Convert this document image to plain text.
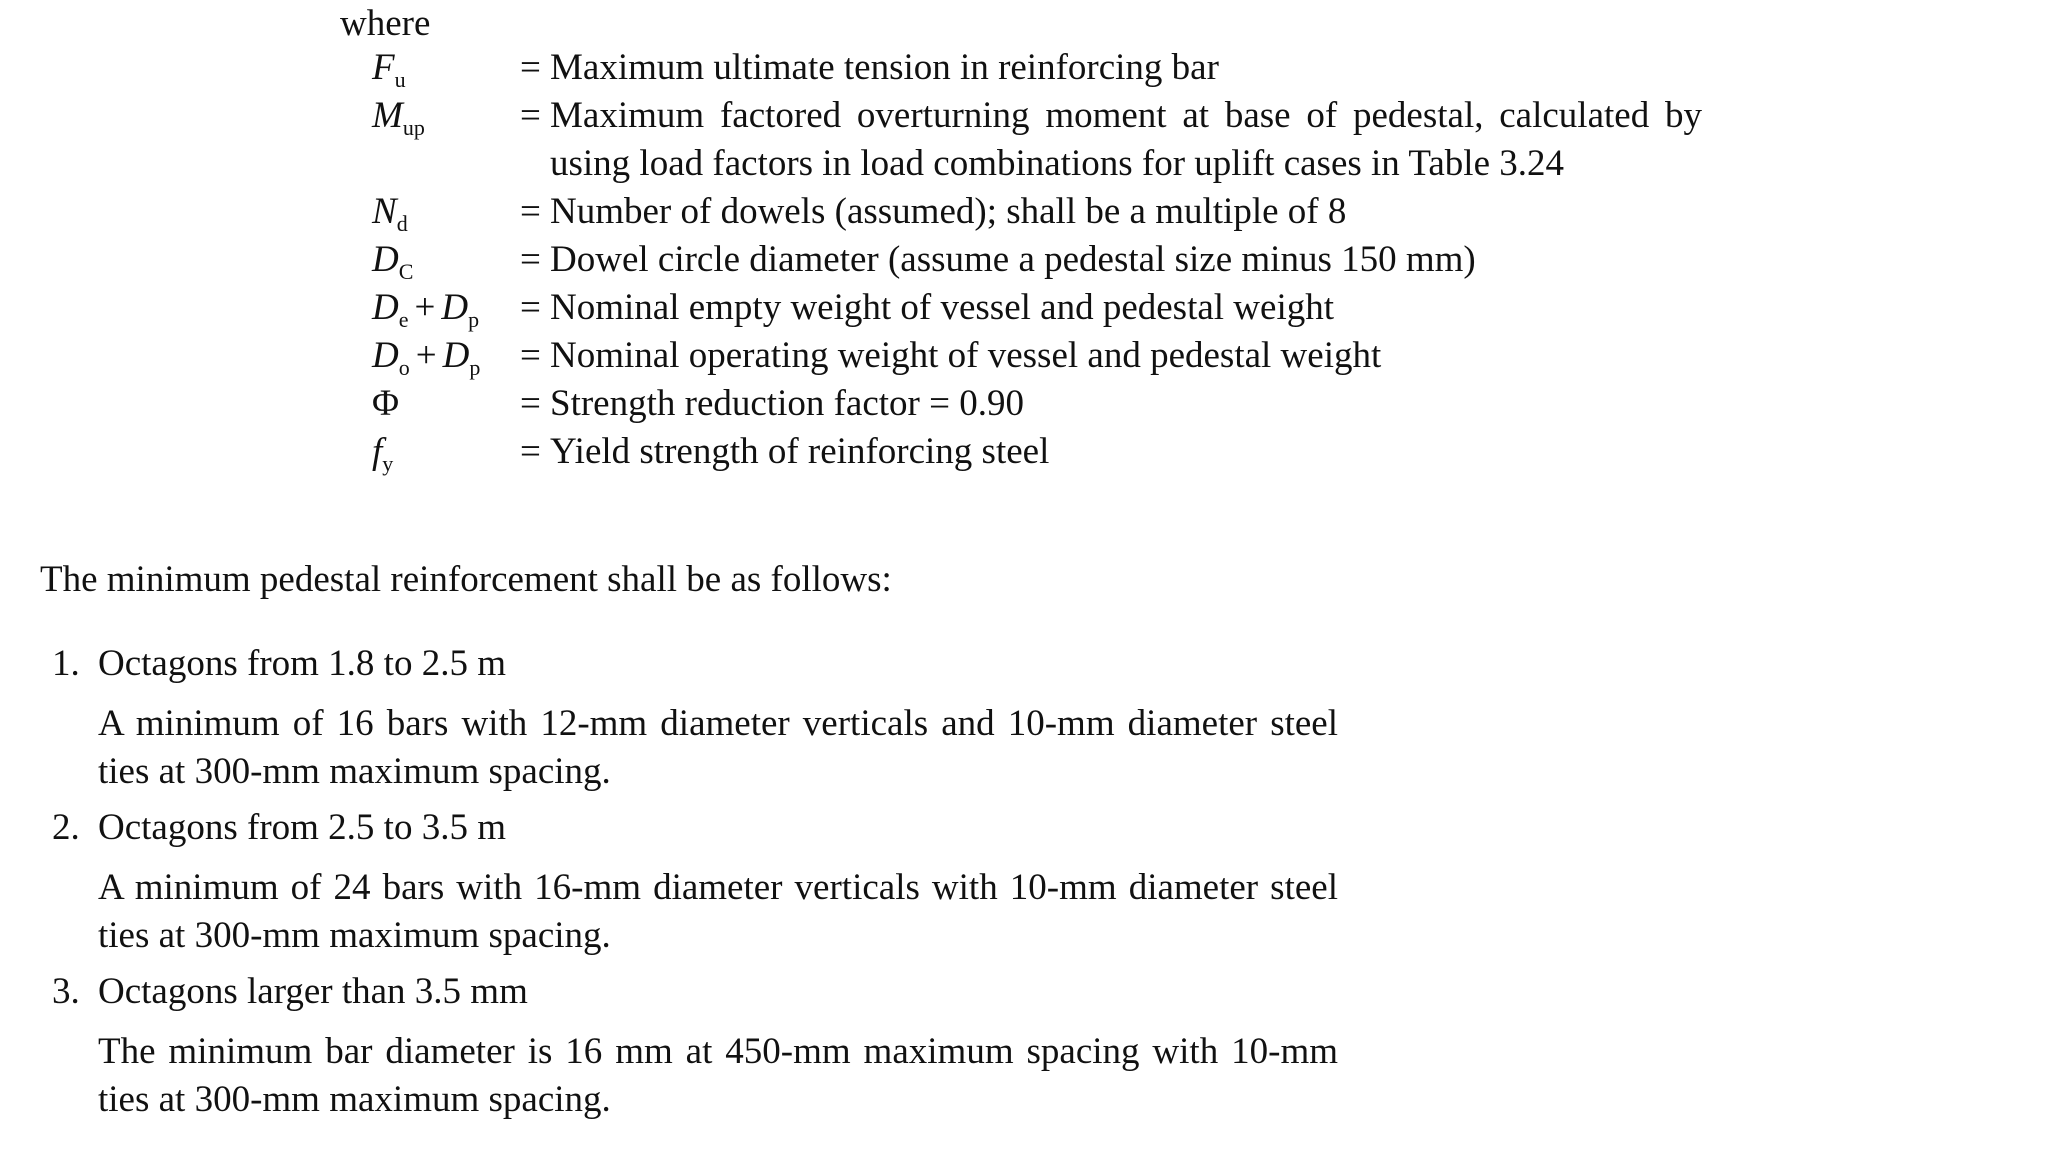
where
$F_u$	= Maximum ultimate tension in reinforcing bar
$M_{up}$	= Maximum factored overturning moment at base of pedestal, calculated by using load factors in load combinations for uplift cases in Table 3.24
$N_d$	= Number of dowels (assumed); shall be a multiple of 8
$D_C$	= Dowel circle diameter (assume a pedestal size minus 150 mm)
$D_e + D_p$ = Nominal empty weight of vessel and pedestal weight
$D_o + D_p$ = Nominal operating weight of vessel and pedestal weight
Φ	= Strength reduction factor = 0.90
$f_y$	= Yield strength of reinforcing steel
The minimum pedestal reinforcement shall be as follows:
1. Octagons from 1.8 to 2.5 m
A minimum of 16 bars with 12-mm diameter verticals and 10-mm diameter steel ties at 300-mm maximum spacing.
2. Octagons from 2.5 to 3.5 m
A minimum of 24 bars with 16-mm diameter verticals with 10-mm diameter steel ties at 300-mm maximum spacing.
3. Octagons larger than 3.5 mm
The minimum bar diameter is 16 mm at 450-mm maximum spacing with 10-mm ties at 300-mm maximum spacing.
